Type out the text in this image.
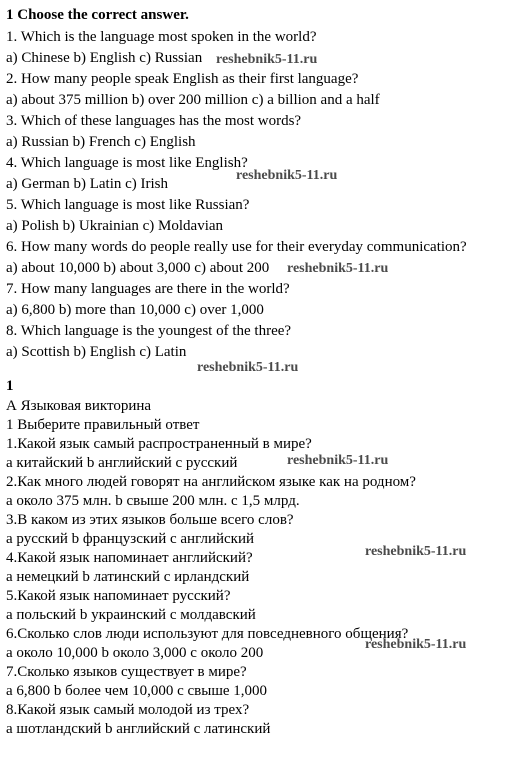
1 Choose the correct answer.
1. Which is the language most spoken in the world?
a) Chinese b) English c) Russian
2. How many people speak English as their first language?
a) about 375 million b) over 200 million c) a billion and a half
3. Which of these languages has the most words?
a) Russian b) French c) English
4. Which language is most like English?
a) German b) Latin c) Irish
5. Which language is most like Russian?
a) Polish b) Ukrainian c) Moldavian
6. How many words do people really use for their everyday communication?
a) about 10,000 b) about 3,000 c) about 200
7. How many languages are there in the world?
a) 6,800 b) more than 10,000 c) over 1,000
8. Which language is the youngest of the three?
a) Scottish b) English c) Latin
1
А Языковая викторина
1 Выберите правильный ответ
1.Какой язык самый распространенный в мире?
а китайский b английский с русский
2.Как много людей говорят на английском языке как на родном?
а около 375 млн. b свыше 200 млн. с 1,5 млрд.
3.В каком из этих языков больше всего слов?
а русский b французский с английский
4.Какой язык напоминает английский?
а немецкий b латинский с ирландский
5.Какой язык напоминает русский?
а польский b украинский с молдавский
6.Сколько слов люди используют для повседневного общения?
а около 10,000 b около 3,000 с около 200
7.Сколько языков существует в мире?
а 6,800 b более чем 10,000 с свыше 1,000
8.Какой язык самый молодой из трех?
а шотландский b английский с латинский
reshebnik5-11.ru
reshebnik5-11.ru
reshebnik5-11.ru
reshebnik5-11.ru
reshebnik5-11.ru
reshebnik5-11.ru
reshebnik5-11.ru
